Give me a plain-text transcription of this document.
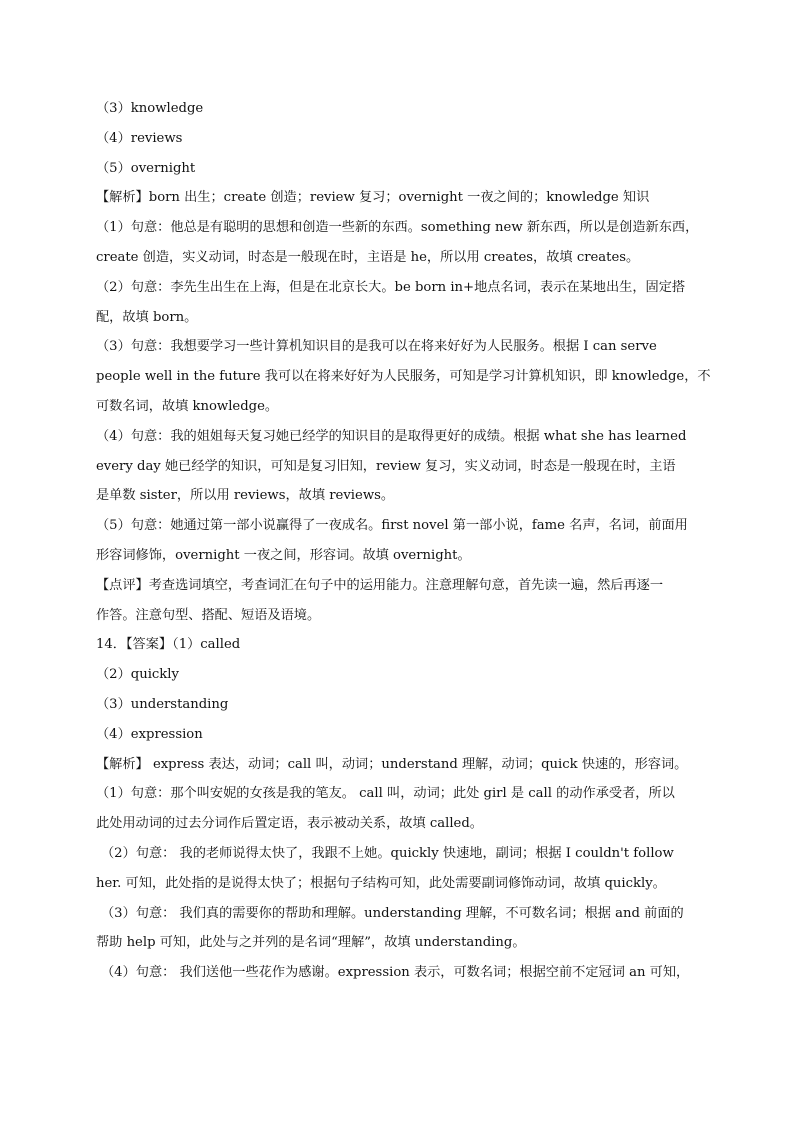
（3）knowledge
（4）reviews
（5）overnight
【解析】born 出生；create 创造；review 复习；overnight 一夜之间的；knowledge 知识
（1）句意：他总是有聪明的思想和创造一些新的东西。something new 新东西，所以是创造新东西，
create 创造，实义动词，时态是一般现在时，主语是 he，所以用 creates，故填 creates。
（2）句意：李先生出生在上海，但是在北京长大。be born in+地点名词，表示在某地出生，固定搭
配，故填 born。
（3）句意：我想要学习一些计算机知识目的是我可以在将来好好为人民服务。根据 I can serve
people well in the future 我可以在将来好好为人民服务，可知是学习计算机知识，即 knowledge，不
可数名词，故填 knowledge。
（4）句意：我的姐姐每天复习她已经学的知识目的是取得更好的成绩。根据 what she has learned
every day 她已经学的知识，可知是复习旧知，review 复习，实义动词，时态是一般现在时，主语
是单数 sister，所以用 reviews，故填 reviews。
（5）句意：她通过第一部小说赢得了一夜成名。first novel 第一部小说，fame 名声，名词，前面用
形容词修饰，overnight 一夜之间，形容词。故填 overnight。
【点评】考查选词填空，考查词汇在句子中的运用能力。注意理解句意，首先读一遍，然后再逐一
作答。注意句型、搭配、短语及语境。
14．【答案】（1）called
（2）quickly
（3）understanding
（4）expression
【解析】 express 表达，动词；call 叫，动词；understand 理解，动词；quick 快速的，形容词。
（1）句意：那个叫安妮的女孩是我的笔友。 call 叫，动词；此处 girl 是 call 的动作承受者，所以
此处用动词的过去分词作后置定语，表示被动关系，故填 called。
（2）句意： 我的老师说得太快了，我跟不上她。quickly 快速地，副词；根据 I couldn't follow
her. 可知，此处指的是说得太快了；根据句子结构可知，此处需要副词修饰动词，故填 quickly。
（3）句意： 我们真的需要你的帮助和理解。understanding 理解，不可数名词；根据 and 前面的
帮助 help 可知，此处与之并列的是名词“理解”，故填 understanding。
（4）句意： 我们送他一些花作为感谢。expression 表示，可数名词；根据空前不定冠词 an 可知，
